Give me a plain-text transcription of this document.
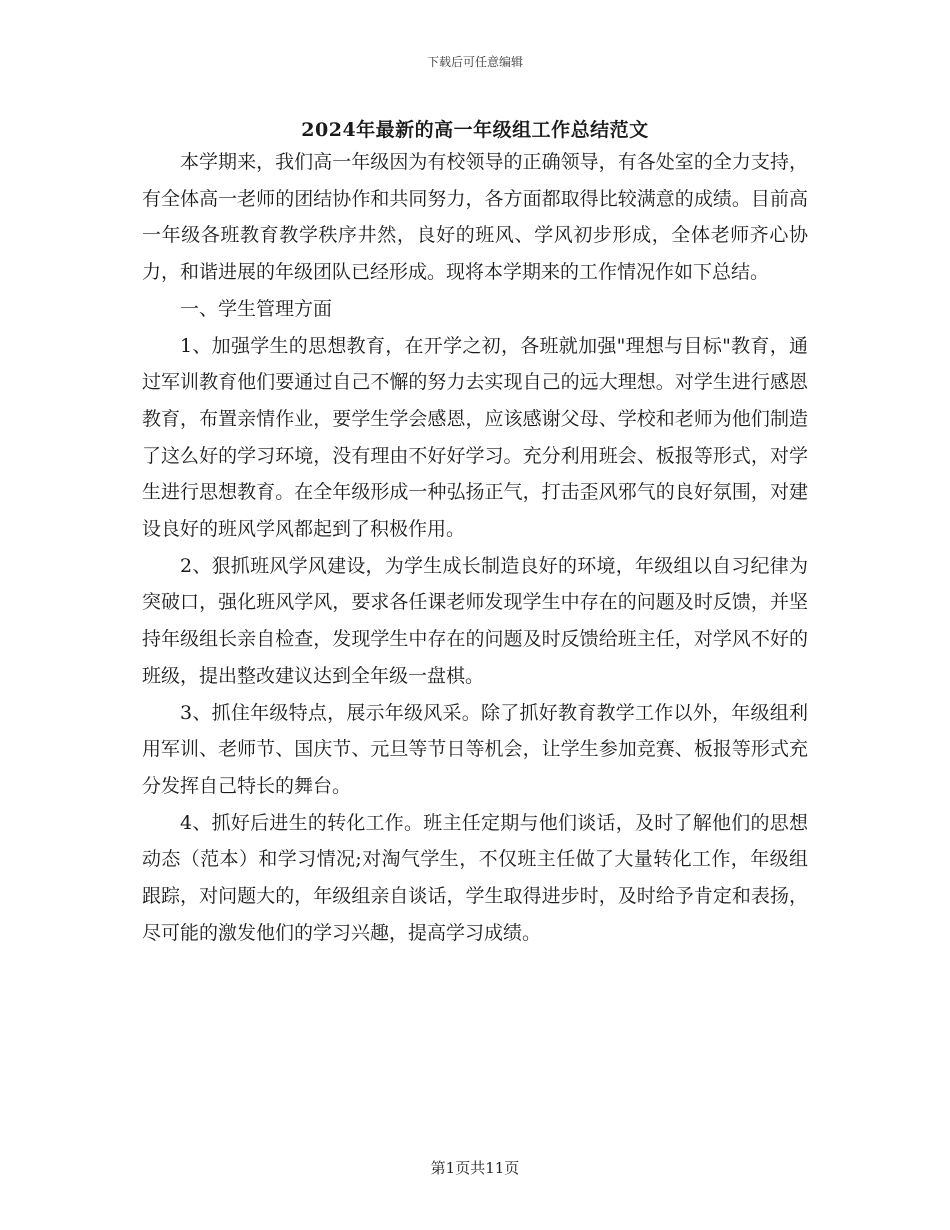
下载后可任意编辑
2024年最新的高一年级组工作总结范文

本学期来，我们高一年级因为有校领导的正确领导，有各处室的全力支持，有全体高一老师的团结协作和共同努力，各方面都取得比较满意的成绩。目前高一年级各班教育教学秩序井然，良好的班风、学风初步形成，全体老师齐心协力，和谐进展的年级团队已经形成。现将本学期来的工作情况作如下总结。

一、学生管理方面

1、加强学生的思想教育，在开学之初，各班就加强"理想与目标"教育，通过军训教育他们要通过自己不懈的努力去实现自己的远大理想。对学生进行感恩教育，布置亲情作业，要学生学会感恩，应该感谢父母、学校和老师为他们制造了这么好的学习环境，没有理由不好好学习。充分利用班会、板报等形式，对学生进行思想教育。在全年级形成一种弘扬正气，打击歪风邪气的良好氛围，对建设良好的班风学风都起到了积极作用。

2、狠抓班风学风建设，为学生成长制造良好的环境，年级组以自习纪律为突破口，强化班风学风，要求各任课老师发现学生中存在的问题及时反馈，并坚持年级组长亲自检查，发现学生中存在的问题及时反馈给班主任，对学风不好的班级，提出整改建议达到全年级一盘棋。

3、抓住年级特点，展示年级风采。除了抓好教育教学工作以外，年级组利用军训、老师节、国庆节、元旦等节日等机会，让学生参加竞赛、板报等形式充分发挥自己特长的舞台。

4、抓好后进生的转化工作。班主任定期与他们谈话，及时了解他们的思想动态（范本）和学习情况;对淘气学生，不仅班主任做了大量转化工作，年级组跟踪，对问题大的，年级组亲自谈话，学生取得进步时，及时给予肯定和表扬，尽可能的激发他们的学习兴趣，提高学习成绩。

第1页共11页
